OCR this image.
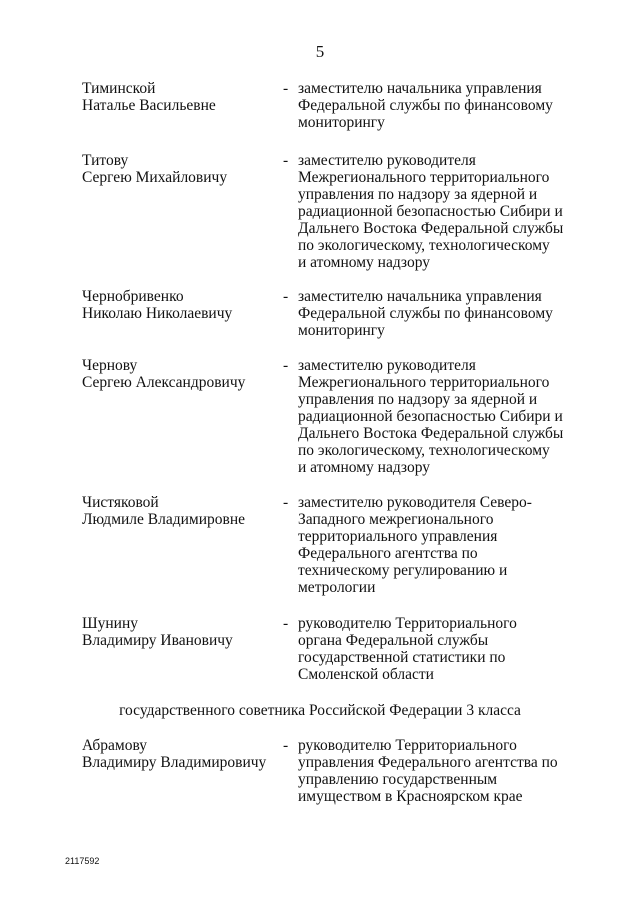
5
Тиминской
Наталье Васильевне
- заместителю начальника управления
Федеральной службы по финансовому
мониторингу
Титову
Сергею Михайловичу
- заместителю руководителя
Межрегионального территориального
управления по надзору за ядерной и
радиационной безопасностью Сибири и
Дальнего Востока Федеральной службы
по экологическому, технологическому
и атомному надзору
Чернобривенко
Николаю Николаевичу
- заместителю начальника управления
Федеральной службы по финансовому
мониторингу
Чернову
Сергею Александровичу
- заместителю руководителя
Межрегионального территориального
управления по надзору за ядерной и
радиационной безопасностью Сибири и
Дальнего Востока Федеральной службы
по экологическому, технологическому
и атомному надзору
Чистяковой
Людмиле Владимировне
- заместителю руководителя Северо-
Западного межрегионального
территориального управления
Федерального агентства по
техническому регулированию и
метрологии
Шунину
Владимиру Ивановичу
- руководителю Территориального
органа Федеральной службы
государственной статистики по
Смоленской области
государственного советника Российской Федерации 3 класса
Абрамову
Владимиру Владимировичу
- руководителю Территориального
управления Федерального агентства по
управлению государственным
имуществом в Красноярском крае
2117592
